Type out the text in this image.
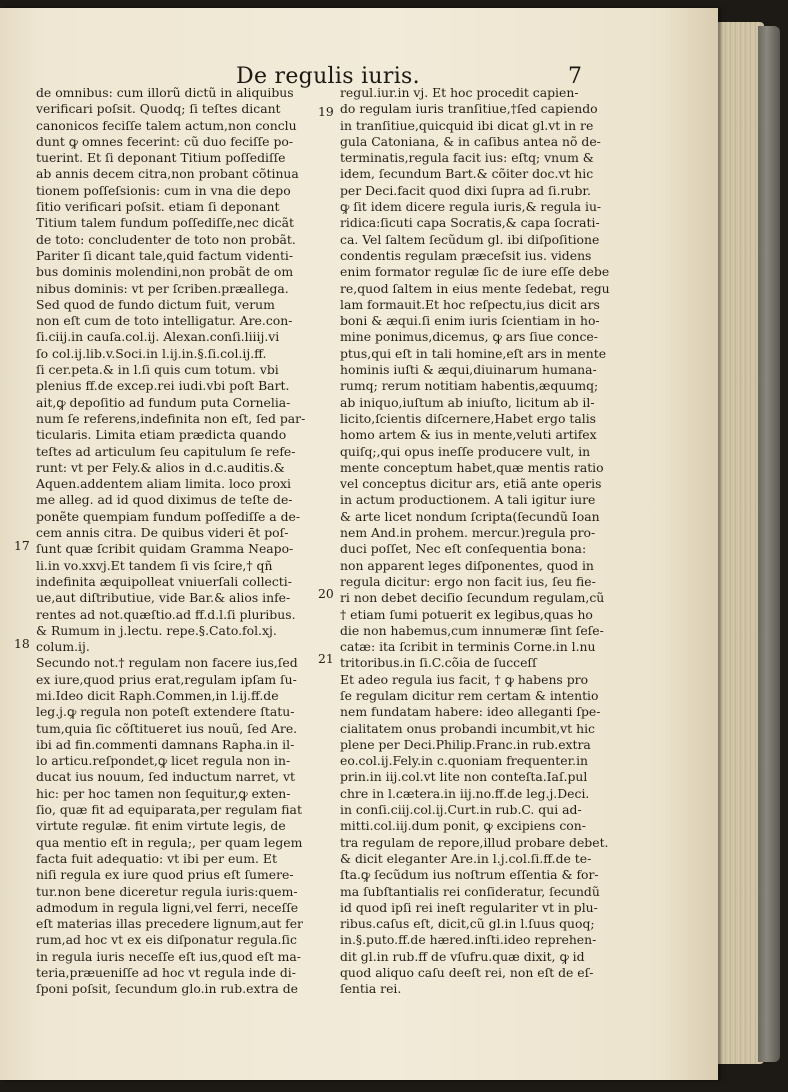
De regulis iuris.	7
de omnibus: cum illorũ dictũ in aliquibus
verificari poſsit. Quodq; ſi teſtes dicant
canonicos feciſſe talem actum,non conclu
dunt ꝙ omnes fecerint: cũ duo feciſſe po-
tuerint. Et ſi deponant Titium poſſediſſe
ab annis decem citra,non probant cõtinua
tionem poſſeſsionis: cum in vna die depo
ſitio verificari poſsit. etiam ſi deponant
Titium talem fundum poſſediſſe,nec dicãt
de toto: concludenter de toto non probãt.
Pariter ſi dicant tale,quid factum videnti-
bus dominis molendini,non probãt de om
nibus dominis: vt per ſcriben.præallega.
Sed quod de fundo dictum fuit, verum
non eſt cum de toto intelligatur. Are.con-
ſi.ciij.in cauſa.col.ij. Alexan.conſi.liiij.vi
ſo col.ij.lib.v.Soci.in l.ij.in.§.ſi.col.ij.ff.
ſi cer.peta.& in l.ſi quis cum totum. vbi
plenius ff.de excep.rei iudi.vbi poſt Bart.
ait,ꝙ depoſitio ad fundum puta Cornelia-
num ſe referens,indefinita non eſt, ſed par-
ticularis. Limita etiam prædicta quando
teſtes ad articulum ſeu capitulum ſe refe-
runt: vt per Fely.& alios in d.c.auditis.&
Aquen.addentem aliam limita. loco proxi
me alleg. ad id quod diximus de teſte de-
ponẽte quempiam fundum poſſediſſe a de-
cem annis citra. De quibus videri ēt poſ-
ſunt quæ ſcribit quidam Gramma Neapo-
li.in vo.xxvj.Et tandem ſi vis ſcire,† qñ
indefinita æquipolleat vniuerſali collecti-
ue,aut diſtributiue, vide Bar.& alios infe-
rentes ad not.quæſtio.ad ff.d.l.ſi pluribus.
& Rumum in j.lectu. repe.§.Cato.fol.xj.
colum.ij.
Secundo not.† regulam non facere ius,ſed
ex iure,quod prius erat,regulam ipſam ſu-
mi.Ideo dicit Raph.Commen,in l.ij.ff.de
leg.j.ꝙ regula non poteſt extendere ſtatu-
tum,quia ſic cõſtitueret ius nouũ, ſed Are.
ibi ad fin.commenti damnans Rapha.in il-
lo articu.reſpondet,ꝙ licet regula non in-
ducat ius nouum, ſed inductum narret, vt
hic: per hoc tamen non ſequitur,ꝙ exten-
ſio, quæ fit ad equiparata,per regulam fiat
virtute regulæ. fit enim virtute legis, de
qua mentio eſt in regula;, per quam legem
facta fuit adequatio: vt ibi per eum. Et
niſi regula ex iure quod prius eſt ſumere-
tur.non bene diceretur regula iuris:quem-
admodum in regula ligni,vel ferri, neceſſe
eſt materias illas precedere lignum,aut fer
rum,ad hoc vt ex eis diſponatur regula.ſic
in regula iuris neceſſe eſt ius,quod eſt ma-
teria,præueniſſe ad hoc vt regula inde di-
ſponi poſsit, ſecundum glo.in rub.extra de
regul.iur.in vj. Et hoc procedit capien-
do regulam iuris tranſitiue,†ſed capiendo
in tranſitiue,quicquid ibi dicat gl.vt in re
gula Catoniana, & in caſibus antea nõ de-
terminatis,regula facit ius: eſtq; vnum &
idem, ſecundum Bart.& cõiter doc.vt hic
per Deci.facit quod dixi ſupra ad ſi.rubr.
ꝙ ſit idem dicere regula iuris,& regula iu-
ridica:ſicuti capa Socratis,& capa ſocrati-
ca. Vel ſaltem ſecũdum gl. ibi diſpoſitione
condentis regulam præceſsit ius. videns
enim formator regulæ ſic de iure eſſe debe
re,quod ſaltem in eius mente ſedebat, regu
lam formauit.Et hoc reſpectu,ius dicit ars
boni & æqui.ſi enim iuris ſcientiam in ho-
mine ponimus,dicemus, ꝙ ars ſiue conce-
ptus,qui eſt in tali homine,eſt ars in mente
hominis iuſti & æqui,diuinarum humana-
rumq; rerum notitiam habentis,æquumq;
ab iniquo,iuſtum ab iniuſto, licitum ab il-
licito,ſcientis diſcernere,Habet ergo talis
homo artem & ius in mente,veluti artifex
quiſq;,qui opus ineſſe producere vult, in
mente conceptum habet,quæ mentis ratio
vel conceptus dicitur ars, etiã ante operis
in actum productionem. A tali igitur iure
& arte licet nondum ſcripta(ſecundũ Ioan
nem And.in prohem. mercur.)regula pro-
duci poſſet, Nec eſt conſequentia bona:
non apparent leges diſponentes, quod in
regula dicitur: ergo non facit ius, ſeu fie-
ri non debet deciſio ſecundum regulam,cũ
† etiam ſumi potuerit ex legibus,quas ho
die non habemus,cum innumeræ ſint ſeſe-
catæ: ita ſcribit in terminis Corne.in l.nu
tritoribus.in ſi.C.cõia de ſucceſſ
Et adeo regula ius facit, † ꝙ habens pro
ſe regulam dicitur rem certam & intentio
nem fundatam habere: ideo alleganti ſpe-
cialitatem onus probandi incumbit,vt hic
plene per Deci.Philip.Franc.in rub.extra
eo.col.ij.Fely.in c.quoniam frequenter.in
prin.in iij.col.vt lite non conteſta.Iaſ.pul
chre in l.cætera.in iij.no.ff.de leg.j.Deci.
in conſi.ciij.col.ij.Curt.in rub.C. qui ad-
mitti.col.iij.dum ponit, ꝙ excipiens con-
tra regulam de repore,illud probare debet.
& dicit eleganter Are.in l.j.col.ſi.ff.de te-
ſta.ꝙ ſecũdum ius noſtrum eſſentia & for-
ma ſubſtantialis rei conſideratur, ſecundũ
id quod ipſi rei ineſt regulariter vt in plu-
ribus.caſus eſt, dicit,cũ gl.in l.ſuus quoq;
in.§.puto.ff.de hæred.inſti.ideo reprehen-
dit gl.in rub.ff de vſufru.quæ dixit, ꝙ id
quod aliquo caſu deeſt rei, non eſt de eſ-
ſentia rei.
19
17
18
20
21
